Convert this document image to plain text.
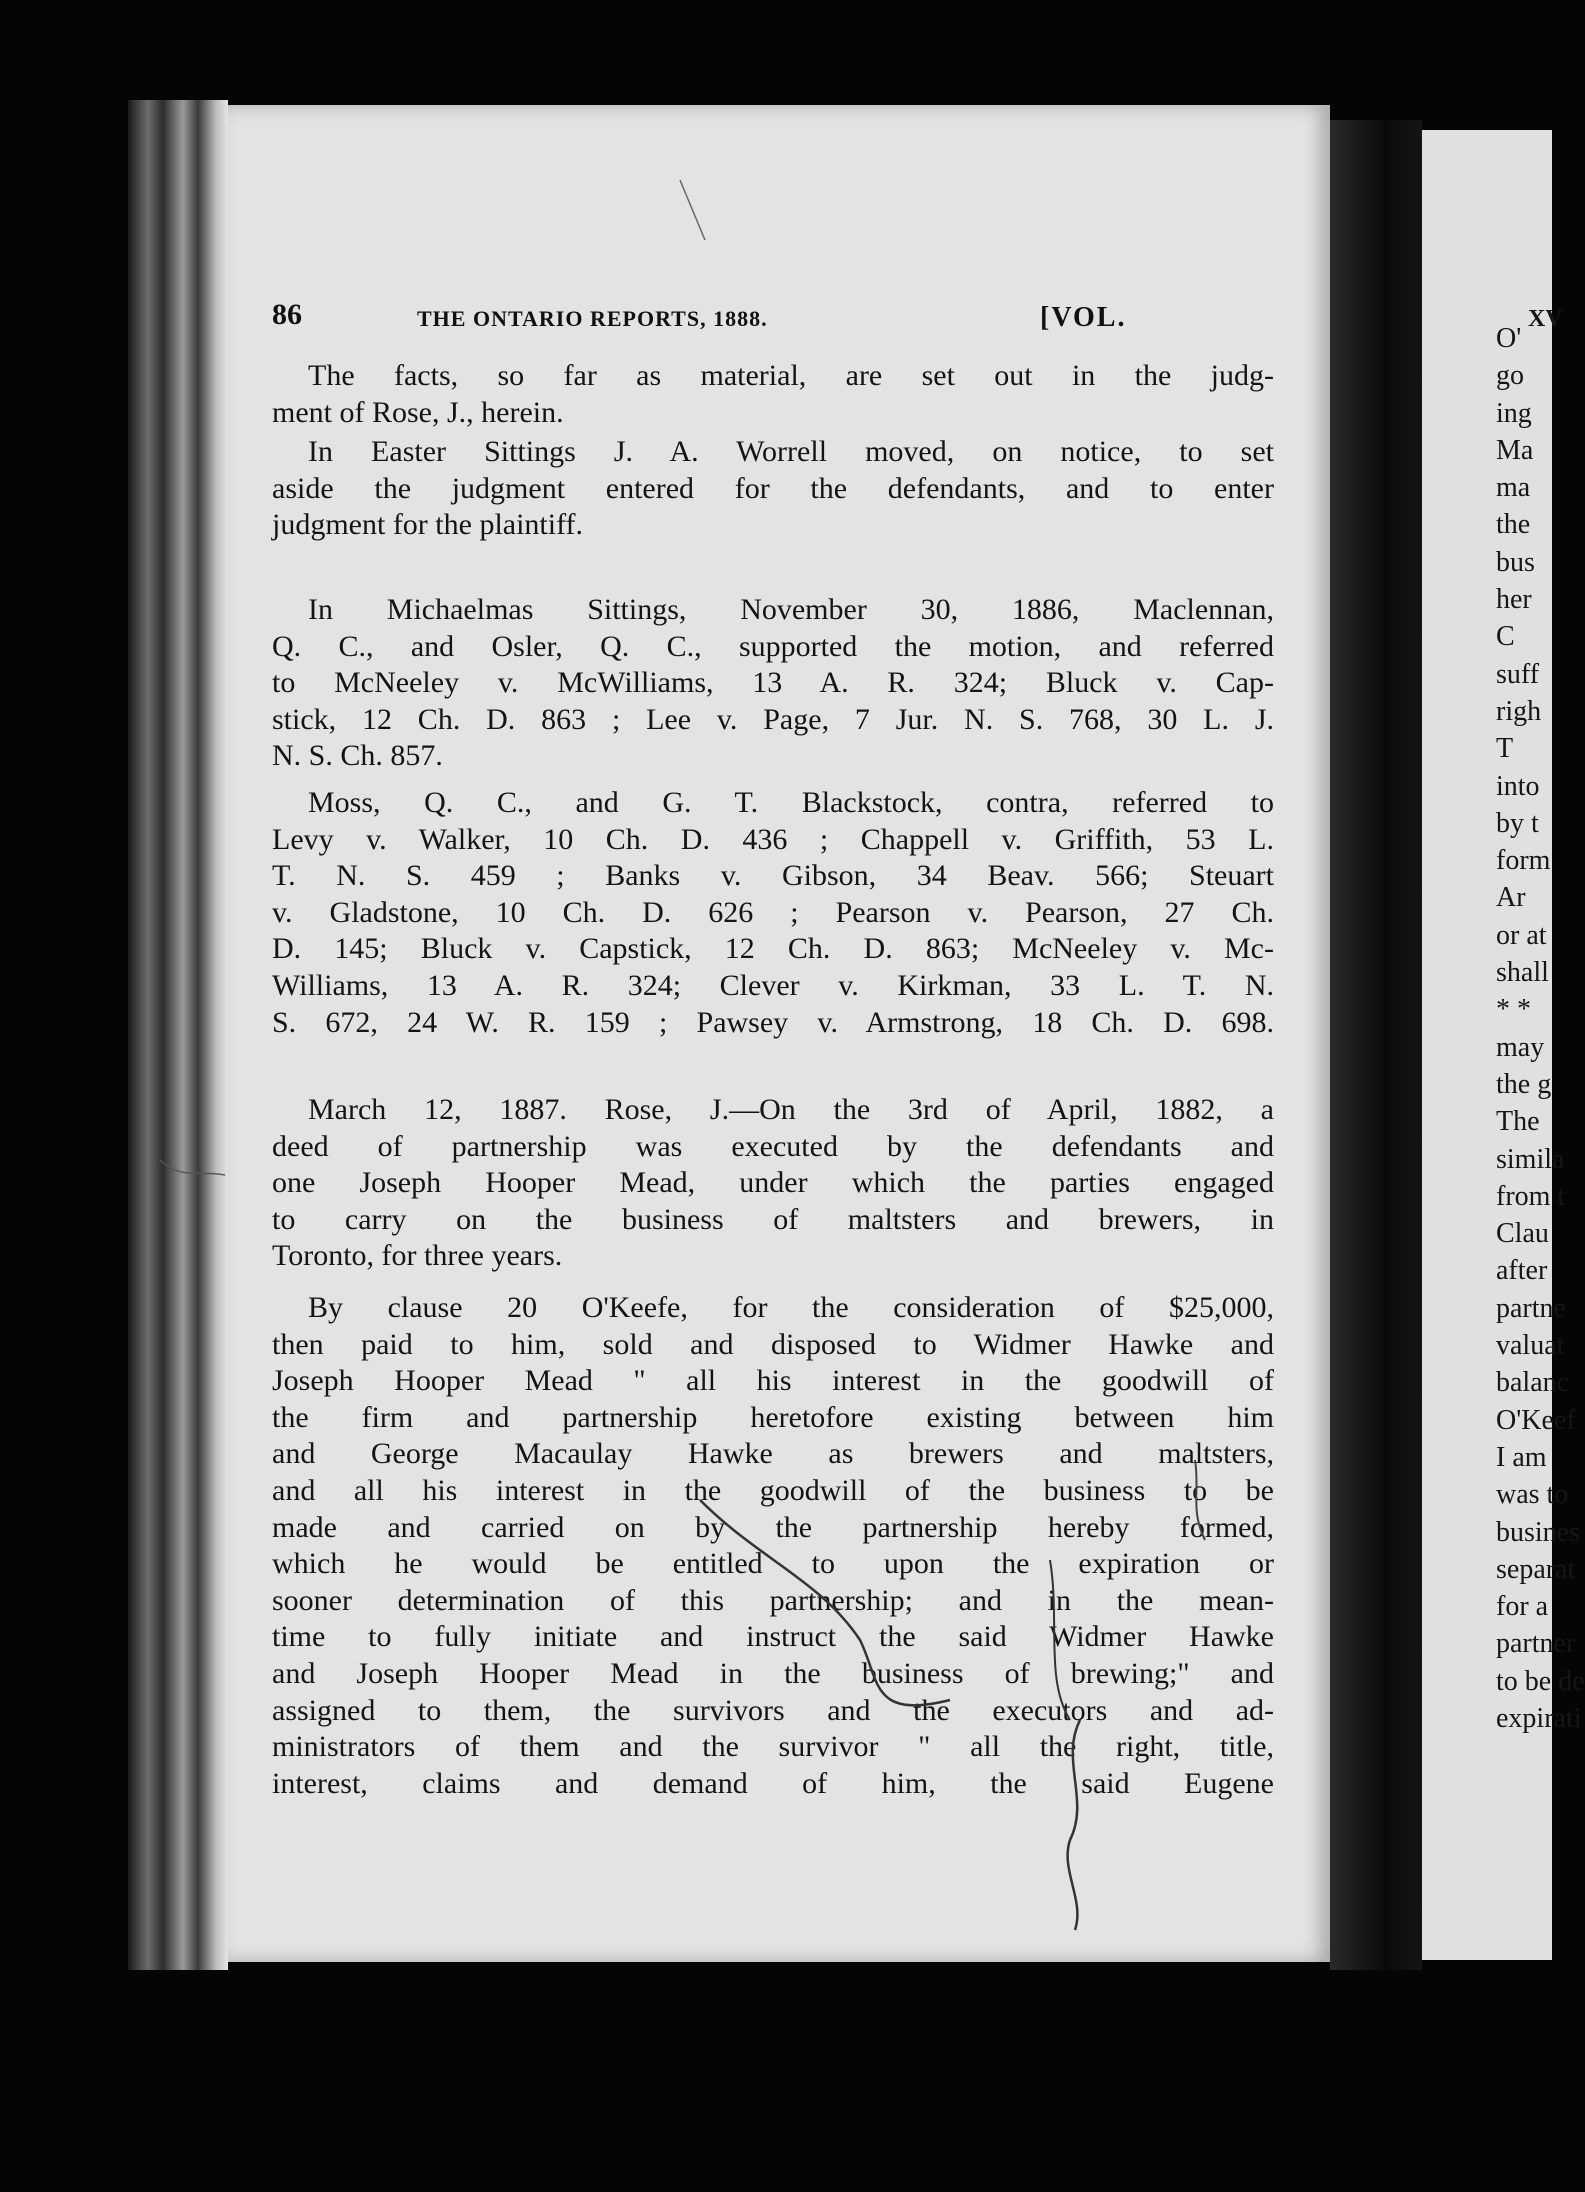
86	THE ONTARIO REPORTS, 1888.	[VOL.
The facts, so far as material, are set out in the judg-
ment of Rose, J., herein.
In Easter Sittings J. A. Worrell moved, on notice, to set
aside the judgment entered for the defendants, and to enter
judgment for the plaintiff.
In Michaelmas Sittings, November 30, 1886, Maclennan,
Q. C., and Osler, Q. C., supported the motion, and referred
to McNeeley v. McWilliams, 13 A. R. 324; Bluck v. Cap-
stick, 12 Ch. D. 863 ; Lee v. Page, 7 Jur. N. S. 768, 30 L. J.
N. S. Ch. 857.
Moss, Q. C., and G. T. Blackstock, contra, referred to
Levy v. Walker, 10 Ch. D. 436 ; Chappell v. Griffith, 53 L.
T. N. S. 459 ; Banks v. Gibson, 34 Beav. 566; Steuart
v. Gladstone, 10 Ch. D. 626 ; Pearson v. Pearson, 27 Ch.
D. 145; Bluck v. Capstick, 12 Ch. D. 863; McNeeley v. Mc-
Williams, 13 A. R. 324; Clever v. Kirkman, 33 L. T. N.
S. 672, 24 W. R. 159 ; Pawsey v. Armstrong, 18 Ch. D. 698.
March 12, 1887. Rose, J.—On the 3rd of April, 1882, a
deed of partnership was executed by the defendants and
one Joseph Hooper Mead, under which the parties engaged
to carry on the business of maltsters and brewers, in
Toronto, for three years.
By clause 20 O'Keefe, for the consideration of $25,000,
then paid to him, sold and disposed to Widmer Hawke and
Joseph Hooper Mead " all his interest in the goodwill of
the firm and partnership heretofore existing between him
and George Macaulay Hawke as brewers and maltsters,
and all his interest in the goodwill of the business to be
made and carried on by the partnership hereby formed,
which he would be entitled to upon the expiration or
sooner determination of this partnership; and in the mean-
time to fully initiate and instruct the said Widmer Hawke
and Joseph Hooper Mead in the business of brewing;" and
assigned to them, the survivors and the executors and ad-
ministrators of them and the survivor " all the right, title,
interest, claims and demand of him, the said Eugene
XV
O'
go
ing
Ma
ma
the
bus
her
C
suff
righ
T
into
by t
form
Ar
or at
shall
* *
may
the g
The
simila
from t
Clau
after
partne
valuat
balanc
O'Keef
I am
was to
busines
separat
for a
partner
to be de
expirati
